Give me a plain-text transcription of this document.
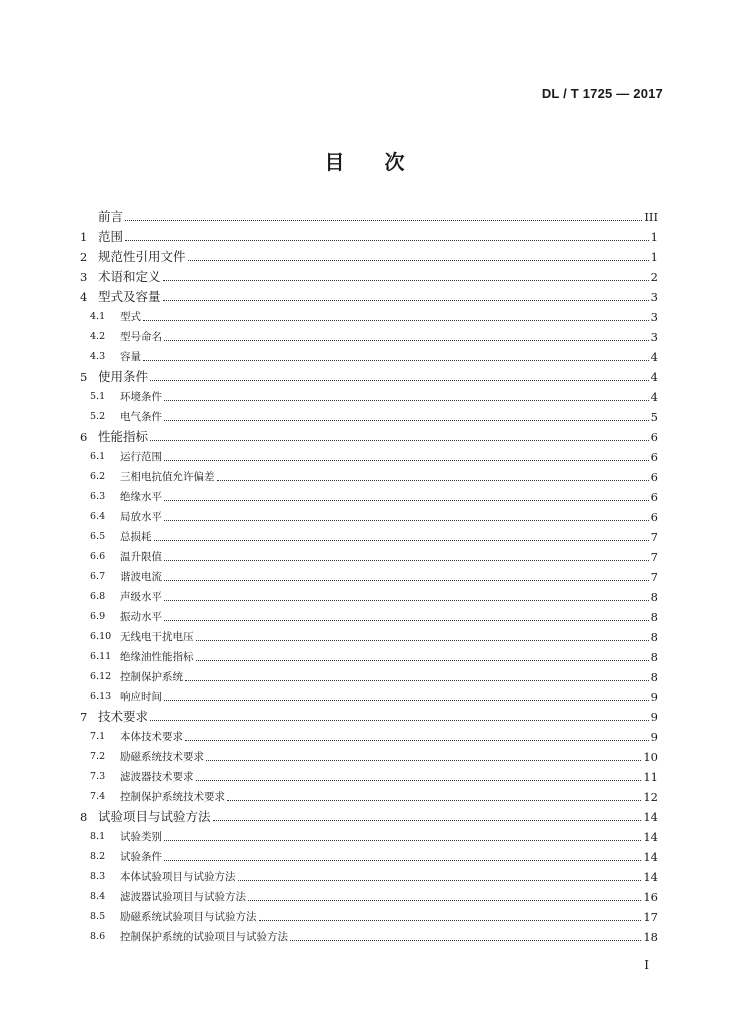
DL / T 1725 — 2017
目次
前言	III
1 范围	1
2 规范性引用文件	1
3 术语和定义	2
4 型式及容量	3
4.1	型式	3
4.2	型号命名	3
4.3	容量	4
5 使用条件	4
5.1	环境条件	4
5.2	电气条件	5
6 性能指标	6
6.1	运行范围	6
6.2	三相电抗值允许偏差	6
6.3	绝缘水平	6
6.4	局放水平	6
6.5	总损耗	7
6.6	温升限值	7
6.7	谐波电流	7
6.8	声级水平	8
6.9	振动水平	8
6.10 无线电干扰电压	8
6.11 绝缘油性能指标	8
6.12 控制保护系统	8
6.13 响应时间	9
7 技术要求	9
7.1	本体技术要求	9
7.2	励磁系统技术要求	10
7.3	滤波器技术要求	11
7.4	控制保护系统技术要求	12
8 试验项目与试验方法	14
8.1	试验类别	14
8.2	试验条件	14
8.3	本体试验项目与试验方法	14
8.4	滤波器试验项目与试验方法	16
8.5	励磁系统试验项目与试验方法	17
8.6	控制保护系统的试验项目与试验方法	18
I
